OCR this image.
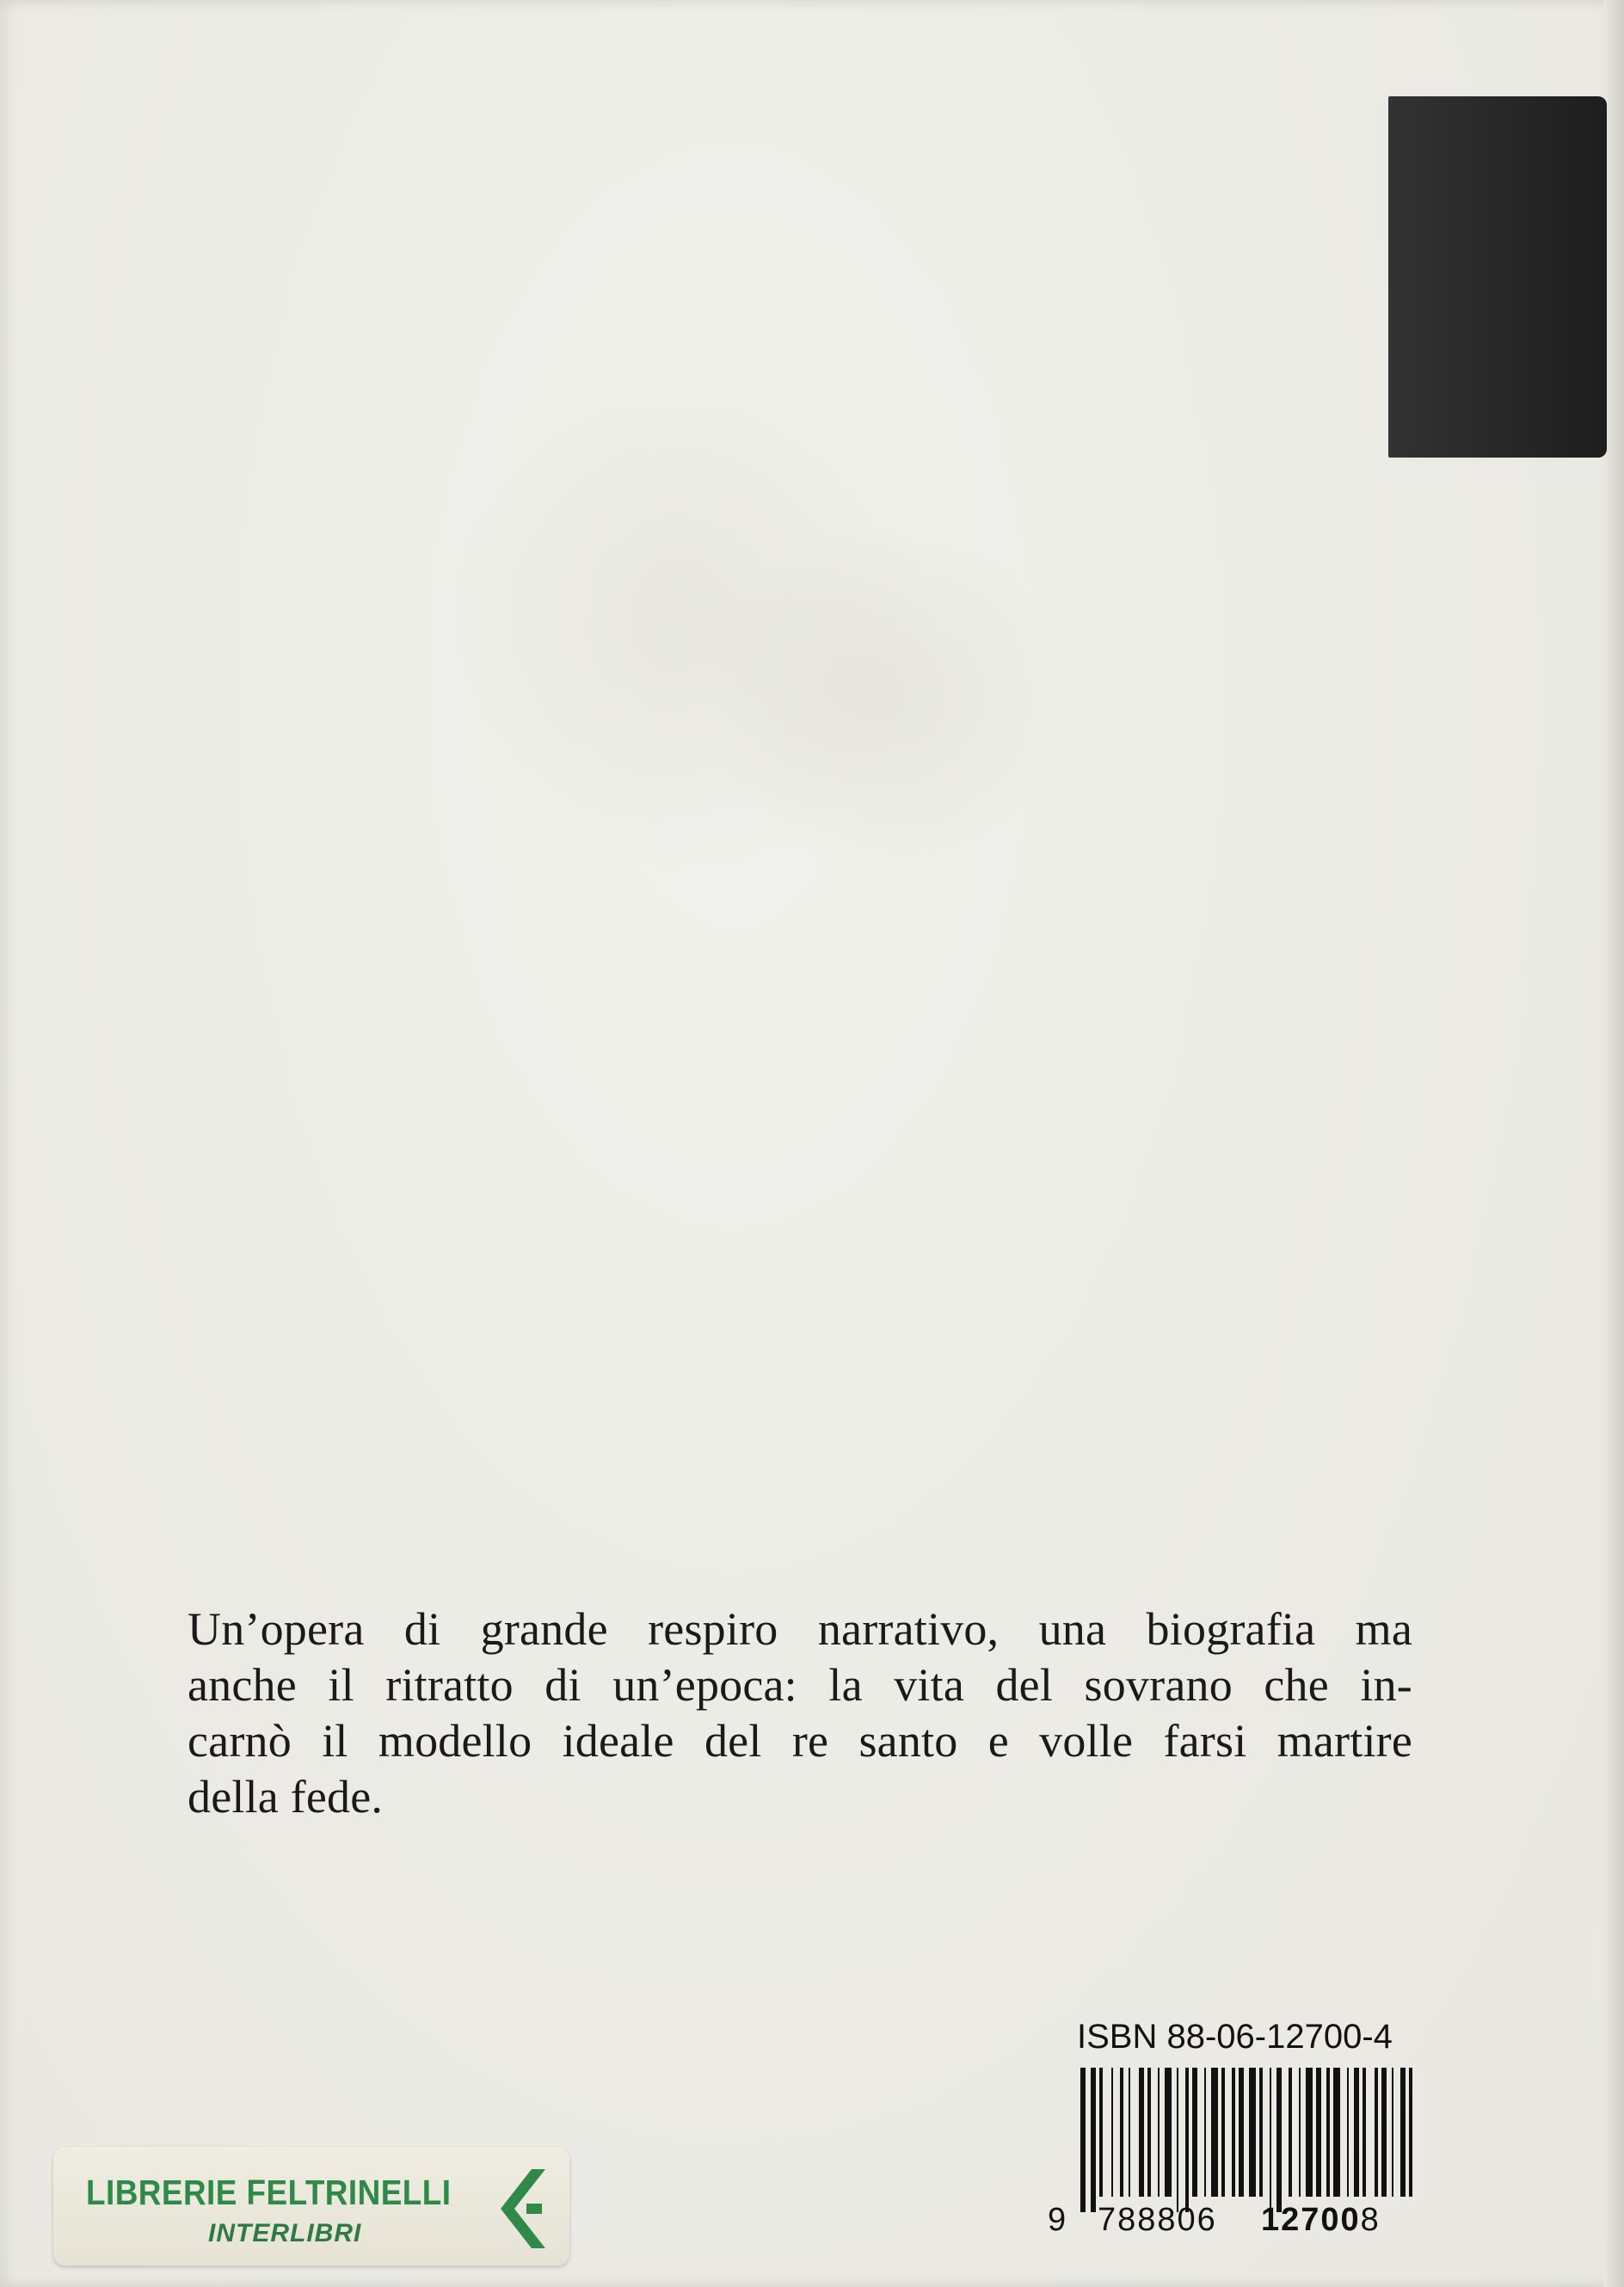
Un’opera di grande respiro narrativo, una biografia ma
anche il ritratto di un’epoca: la vita del sovrano che in-
carnò il modello ideale del re santo e volle farsi martire
della fede.
ISBN 88-06-12700-4
9 788806 127008
LIBRERIE FELTRINELLI
INTERLIBRI
